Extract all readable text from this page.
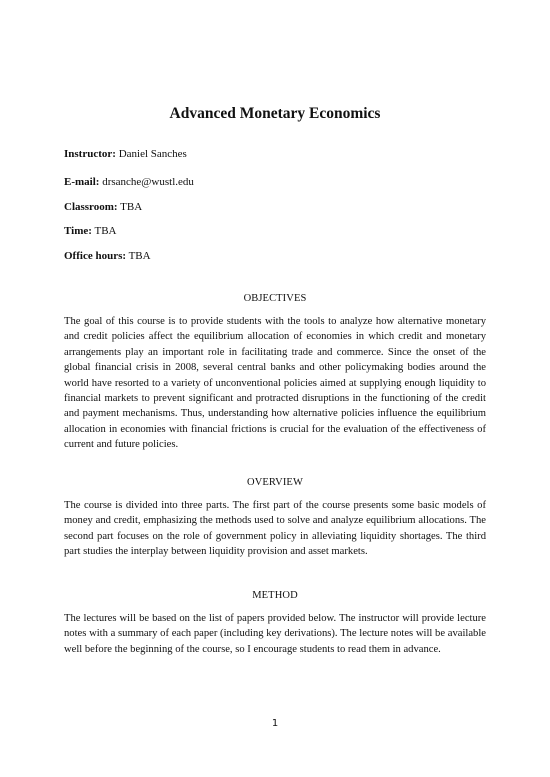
Advanced Monetary Economics
Instructor: Daniel Sanches
E-mail: drsanche@wustl.edu
Classroom: TBA
Time: TBA
Office hours: TBA
OBJECTIVES
The goal of this course is to provide students with the tools to analyze how alternative monetary and credit policies affect the equilibrium allocation of economies in which credit and monetary arrangements play an important role in facilitating trade and commerce. Since the onset of the global financial crisis in 2008, several central banks and other policymaking bodies around the world have resorted to a variety of unconventional policies aimed at supplying enough liquidity to financial markets to prevent significant and protracted disruptions in the functioning of the credit and payment mechanisms. Thus, understanding how alternative policies influence the equilibrium allocation in economies with financial frictions is crucial for the evaluation of the effectiveness of current and future policies.
OVERVIEW
The course is divided into three parts. The first part of the course presents some basic models of money and credit, emphasizing the methods used to solve and analyze equilibrium allocations. The second part focuses on the role of government policy in alleviating liquidity shortages. The third part studies the interplay between liquidity provision and asset markets.
METHOD
The lectures will be based on the list of papers provided below. The instructor will provide lecture notes with a summary of each paper (including key derivations). The lecture notes will be available well before the beginning of the course, so I encourage students to read them in advance.
1
